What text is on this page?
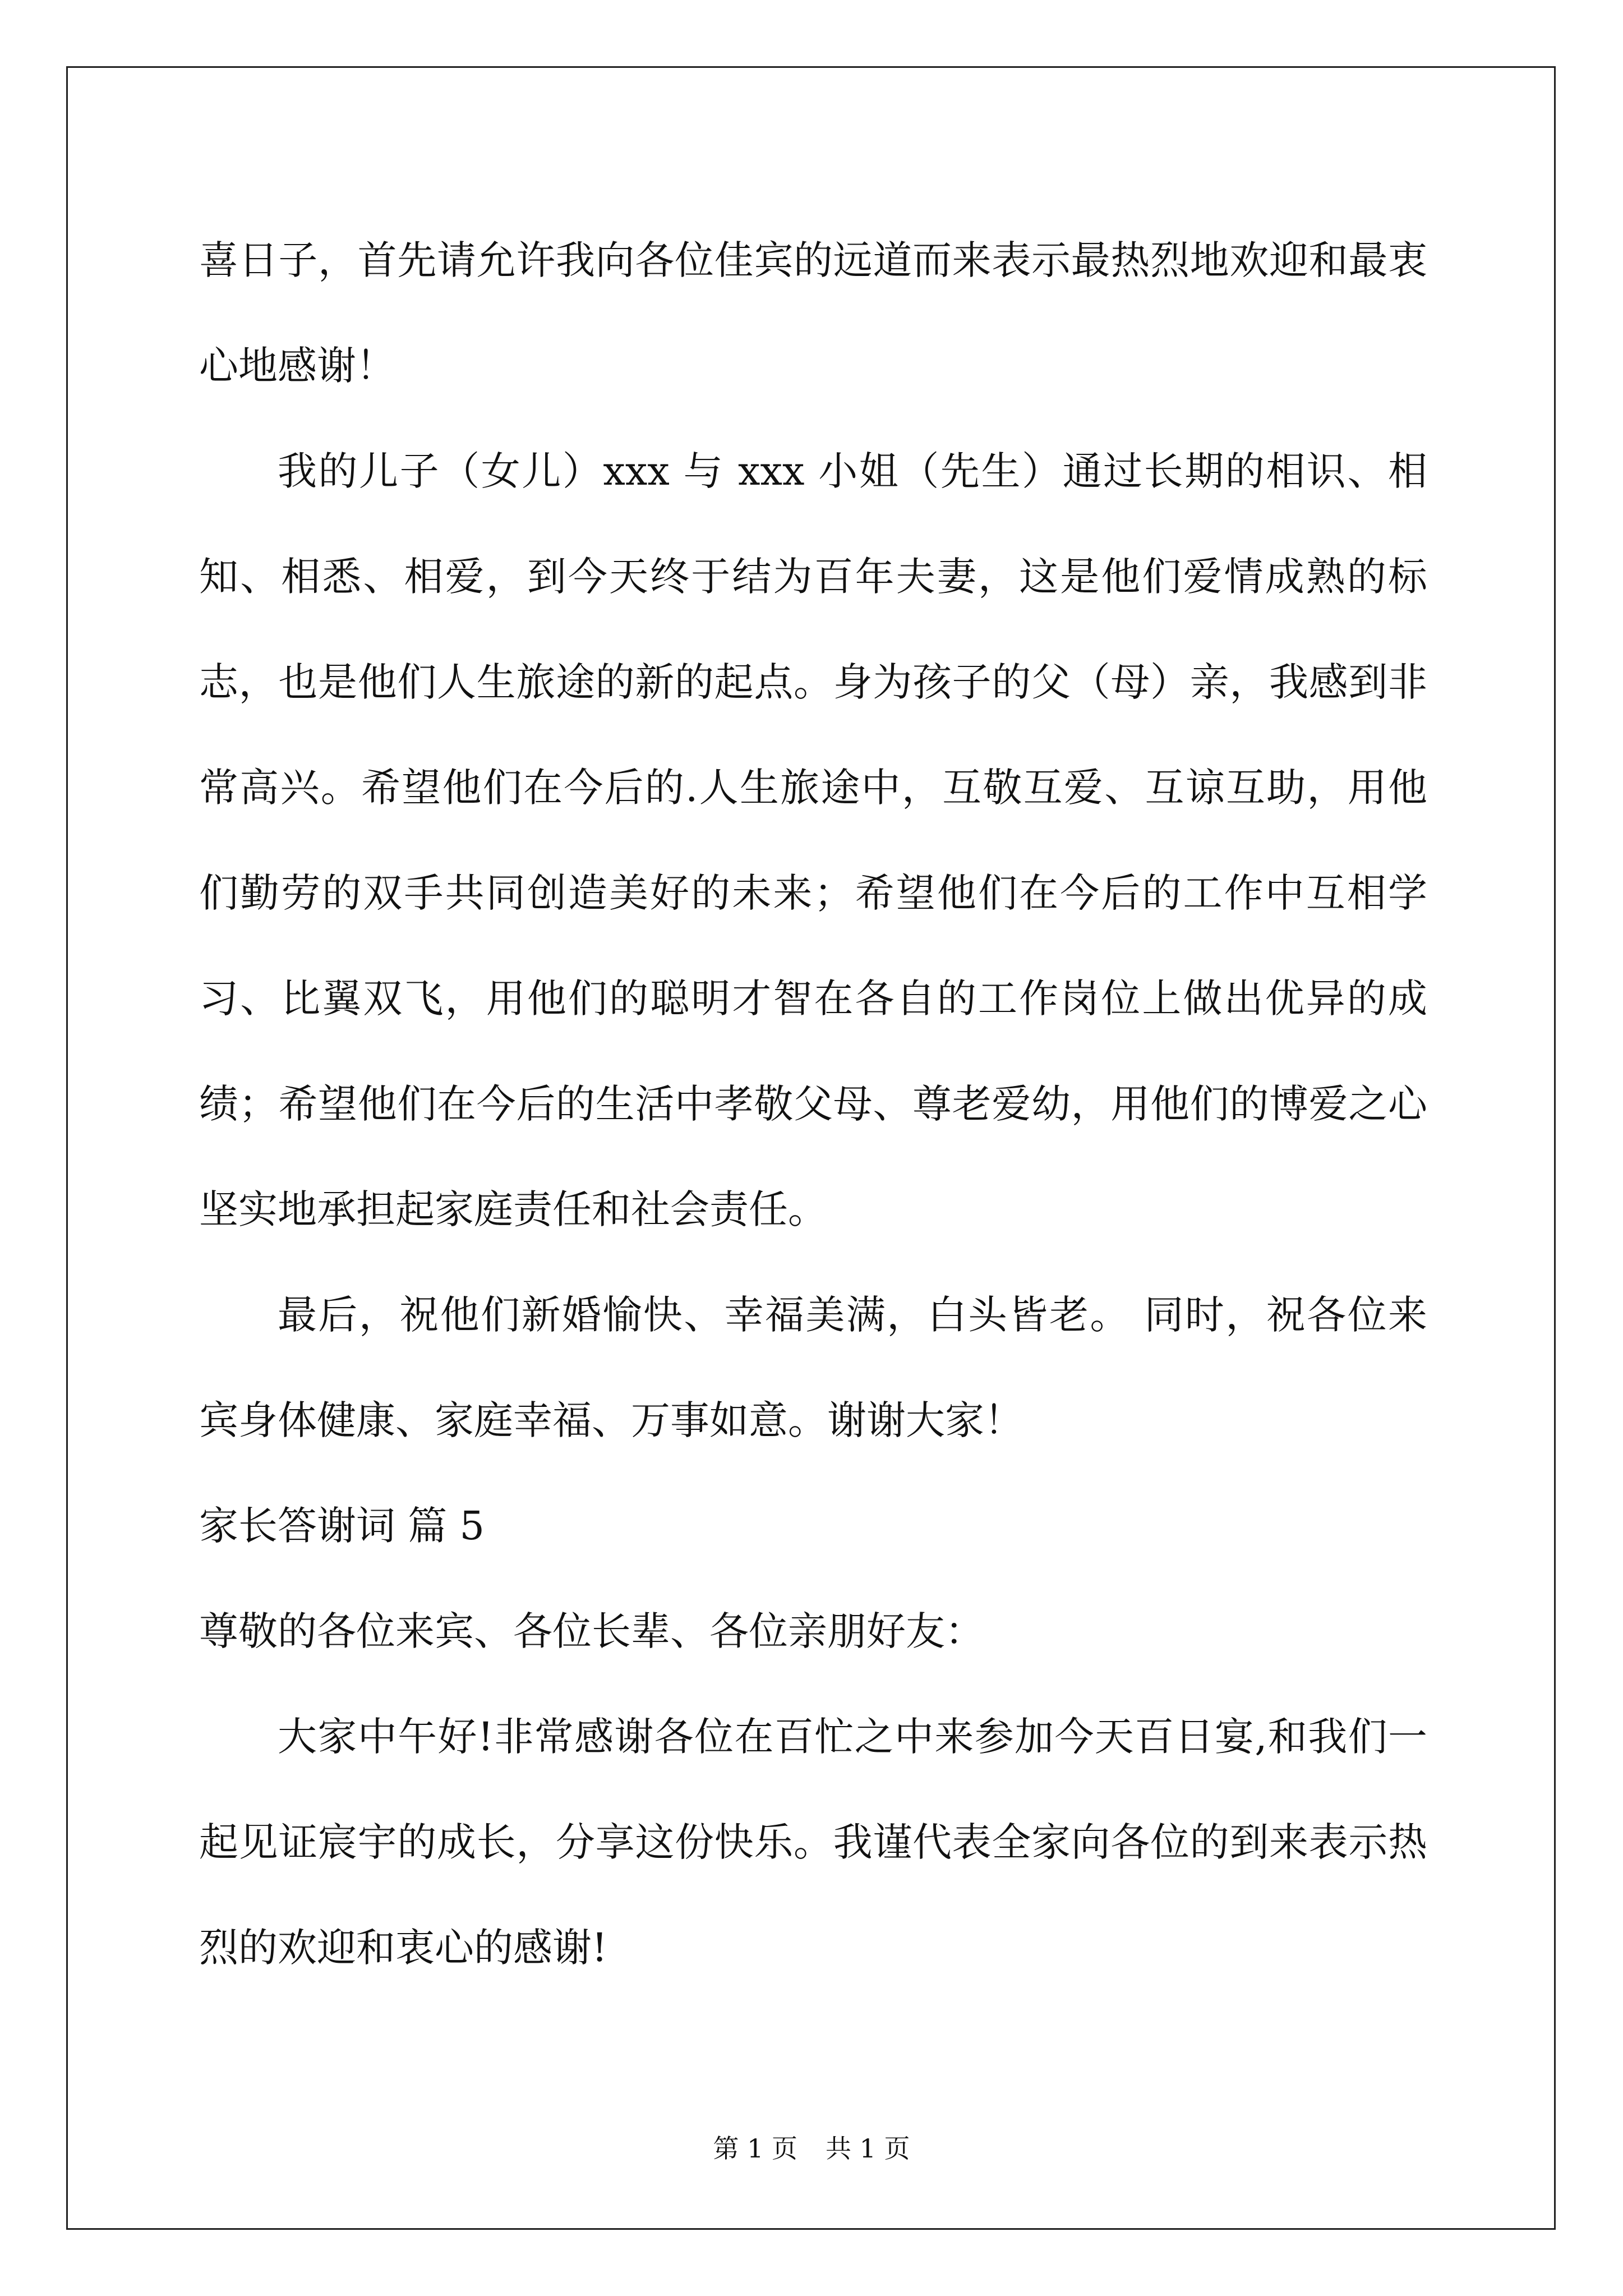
喜日子，首先请允许我向各位佳宾的远道而来表示最热烈地欢迎和最衷心地感谢！

我的儿子（女儿）xxx 与 xxx 小姐（先生）通过长期的相识、相知、相悉、相爱，到今天终于结为百年夫妻，这是他们爱情成熟的标志，也是他们人生旅途的新的起点。身为孩子的父（母）亲，我感到非常高兴。希望他们在今后的.人生旅途中，互敬互爱、互谅互助，用他们勤劳的双手共同创造美好的未来；希望他们在今后的工作中互相学习、比翼双飞，用他们的聪明才智在各自的工作岗位上做出优异的成绩；希望他们在今后的生活中孝敬父母、尊老爱幼，用他们的博爱之心坚实地承担起家庭责任和社会责任。

最后，祝他们新婚愉快、幸福美满，白头皆老。 同时，祝各位来宾身体健康、家庭幸福、万事如意。谢谢大家！

家长答谢词 篇 5

尊敬的各位来宾、各位长辈、各位亲朋好友：

大家中午好!非常感谢各位在百忙之中来参加今天百日宴,和我们一起见证宸宇的成长，分享这份快乐。我谨代表全家向各位的到来表示热烈的欢迎和衷心的感谢!

第 1 页 共 1 页
